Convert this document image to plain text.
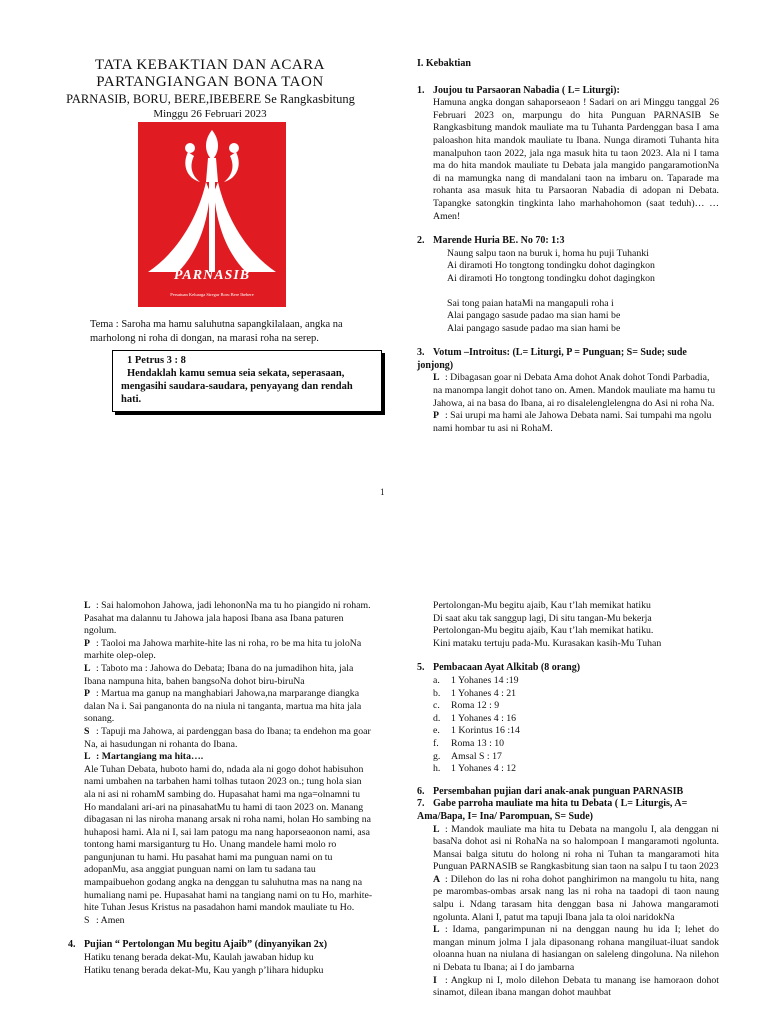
TATA KEBAKTIAN DAN ACARA
PARTANGIANGAN BONA TAON
PARNASIB, BORU, BERE,IBEBERE Se Rangkasbitung
Minggu 26 Februari 2023
PARNASIB
Persatuan Keluarga Siregar Boru Bere Ibebere
Tema : Saroha ma hamu saluhutna sapangkilalaan, angka na marholong ni roha di dongan, na marasi roha na serep.
1 Petrus 3 : 8
Hendaklah kamu semua seia sekata, seperasaan, mengasihi saudara-saudara, penyayang dan rendah hati.

I. Kebaktian

1. Joujou tu Parsaoran Nabadia ( L= Liturgi):

Hamuna angka dongan sahaporseaon ! Sadari on ari Minggu tanggal 26 Februari 2023 on, marpungu do hita Punguan PARNASIB Se Rangkasbitung mandok mauliate ma tu Tuhanta Pardenggan basa I ama paloashon hita mandok mauliate tu Ibana. Nunga diramoti Tuhanta hita manalpuhon taon 2022, jala nga masuk hita tu taon 2023. Ala ni I tama ma do hita mandok mauliate tu Debata jala mangido pangaramotionNa di na mamungka nang di mandalani taon na imbaru on. Taparade ma rohanta asa masuk hita tu Parsaoran Nabadia di adopan ni Debata. Tapangke satongkin tingkinta laho marhahohomon (saat teduh)… … Amen!

2. Marende Huria BE. No 70: 1:3

Naung salpu taon na buruk i, homa hu puji Tuhanki

Ai diramoti Ho tongtong tondingku dohot dagingkon

Ai diramoti Ho tongtong tondingku dohot dagingkon

Sai tong paian hataMi na mangapuli roha i

Alai pangago sasude padao ma sian hami be

Alai pangago sasude padao ma sian hami be

3. Votum –Introitus: (L= Liturgi, P = Punguan; S= Sude; sude jonjong)

L : Dibagasan goar ni Debata Ama dohot Anak dohot Tondi Parbadia, na manompa langit dohot tano on. Amen. Mandok mauliate ma hamu tu Jahowa, ai na basa do Ibana, ai ro disalelenglelengna do Asi ni roha Na.

P : Sai urupi ma hami ale Jahowa Debata nami. Sai tumpahi ma ngolu nami hombar tu asi ni RohaM.

1

L : Sai halomohon Jahowa, jadi lehononNa ma tu ho piangido ni roham. Pasahat ma dalannu tu Jahowa jala haposi Ibana asa Ibana paturen ngolum.

P : Taoloi ma Jahowa marhite-hite las ni roha, ro be ma hita tu joloNa marhite olep-olep.

L : Taboto ma : Jahowa do Debata; Ibana do na jumadihon hita, jala Ibana nampuna hita, bahen bangsoNa dohot biru-biruNa

P : Martua ma ganup na manghabiari Jahowa,na marparange diangka dalan Na i. Sai panganonta do na niula ni tanganta, martua ma hita jala sonang.

S : Tapuji ma Jahowa, ai pardenggan basa do Ibana; ta endehon ma goar Na, ai hasudungan ni rohanta do Ibana.

L : Martangiang ma hita….

Ale Tuhan Debata, huboto hami do, ndada ala ni gogo dohot habisuhon nami umbahen na tarbahen hami tolhas tutaon 2023 on.; tung hola sian ala ni asi ni rohamM sambing do. Hupasahat hami ma nga=olnamni tu Ho mandalani ari-ari na pinasahatMu tu hami di taon 2023 on. Manang dibagasan ni las niroha manang arsak ni roha nami, holan Ho sambing na huhaposi hami. Ala ni I, sai lam patogu ma nang haporseaonon nami, asa tontong hami marsiganturg tu Ho. Unang mandele hami molo ro pangunjunan tu hami. Hu pasahat hami ma punguan nami on tu adopanMu, asa anggiat punguan nami on lam tu sadana tau mampaibuehon godang angka na denggan tu saluhutna mas na nang na humaliang nami pe. Hupasahat hami na tangiang nami on tu Ho, marhite-hite Tuhan Jesus Kristus na pasadahon hami mandok mauliate tu Ho.

S : Amen

4. Pujian “ Pertolongan Mu begitu Ajaib” (dinyanyikan 2x)

Hatiku tenang berada dekat-Mu, Kaulah jawaban hidup ku

Hatiku tenang berada dekat-Mu, Kau yangh p’lihara hidupku

Pertolongan-Mu begitu ajaib, Kau t’lah memikat hatiku

Di saat aku tak sanggup lagi, Di situ tangan-Mu bekerja

Pertolongan-Mu begitu ajaib, Kau t’lah memikat hatiku.

Kini mataku tertuju pada-Mu. Kurasakan kasih-Mu Tuhan

5. Pembacaan Ayat Alkitab (8 orang)

a. 1 Yohanes 14 :19
b. 1 Yohanes 4 : 21
c. Roma 12 : 9
d. 1 Yohanes 4 : 16
e. 1 Korintus 16 :14
f. Roma 13 : 10
g. Amsal S : 17
h. 1 Yohanes 4 : 12

6. Persembahan pujian dari anak-anak punguan PARNASIB

7. Gabe parroha mauliate ma hita tu Debata ( L= Liturgis, A= Ama/Bapa, I= Ina/ Parompuan, S= Sude)

L : Mandok mauliate ma hita tu Debata na mangolu I, ala denggan ni basaNa dohot asi ni RohaNa na so halompoan I mangaramoti ngolunta. Mansai balga situtu do holong ni roha ni Tuhan ta mangaramoti hita Punguan PARNASIB se Rangkasbitung sian taon na salpu I tu taon 2023

A : Dilehon do las ni roha dohot panghirimon na mangolu tu hita, nang pe marombas-ombas arsak nang las ni roha na taadopi di taon naung salpu i. Ndang tarasam hita denggan basa ni Jahowa mangaramoti ngolunta. Alani I, patut ma tapuji Ibana jala ta oloi naridokNa

L : Idama, pangarimpunan ni na denggan naung hu ida I; lehet do mangan minum jolma I jala dipasonang rohana mangiluat-iluat sandok oloanna huan na niulana di hasiangan on saleleng dingoluna. Na nilehon ni Debata tu Ibana; ai I do jambarna

I : Angkup ni I, molo dilehon Debata tu manang ise hamoraon dohot sinamot, dilean ibana mangan dohot mauhbat
